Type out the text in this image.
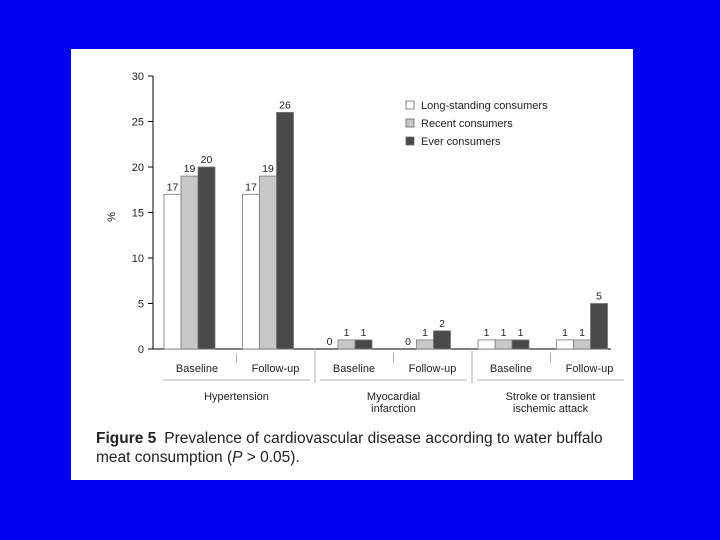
0
5
10
15
20
25
30
%
17
19
20
Baseline
17
19
26
Follow-up
0
1 1
Baseline
0
1
2
Follow-up
1 1 1
Baseline
1 1
5
Follow-up
Hypertension	Myocardial
infarction
Stroke or transient
ischemic attack
Long-standing consumers
Recent consumers
Ever consumers
Figure 5 Prevalence of cardiovascular disease according to water buffalo meat consumption (P > 0.05).
